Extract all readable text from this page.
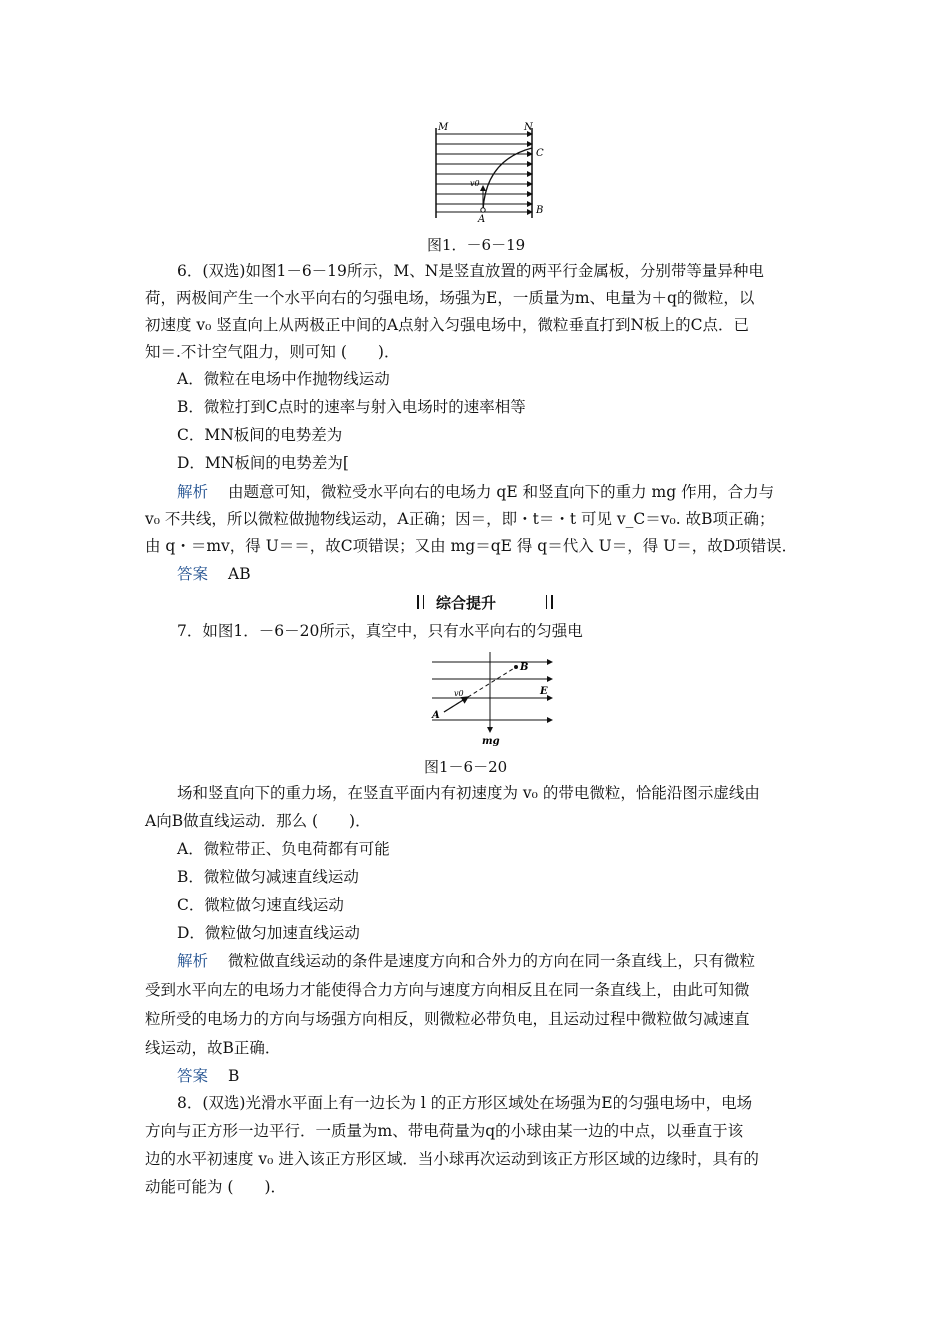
M	N
C
B
A
v0
图1．－6－19
6．(双选)如图1－6－19所示，M、N是竖直放置的两平行金属板，分别带等量异种电
荷，两极间产生一个水平向右的匀强电场，场强为E，一质量为m、电量为＋q的微粒，以
初速度 v₀ 竖直向上从两极正中间的A点射入匀强电场中，微粒垂直打到N板上的C点．已
知＝.不计空气阻力，则可知 (　　)．
A．微粒在电场中作抛物线运动
B．微粒打到C点时的速率与射入电场时的速率相等
C．MN板间的电势差为
D．MN板间的电势差为[
解析 由题意可知，微粒受水平向右的电场力 qE 和竖直向下的重力 mg 作用，合力与
v₀ 不共线，所以微粒做抛物线运动，A正确；因＝，即・t＝・t 可见 v_C＝v₀. 故B项正确；
由 q・＝mv，得 U＝＝，故C项错误；又由 mg＝qE 得 q＝代入 U＝，得 U＝，故D项错误．
答案 AB
综合提升
7．如图1．－6－20所示，真空中，只有水平向右的匀强电
B
E
v0
A
mg
图1－6－20
场和竖直向下的重力场，在竖直平面内有初速度为 v₀ 的带电微粒，恰能沿图示虚线由
A向B做直线运动．那么 (　　)．
A．微粒带正、负电荷都有可能
B．微粒做匀减速直线运动
C．微粒做匀速直线运动
D．微粒做匀加速直线运动
解析 微粒做直线运动的条件是速度方向和合外力的方向在同一条直线上，只有微粒
受到水平向左的电场力才能使得合力方向与速度方向相反且在同一条直线上，由此可知微
粒所受的电场力的方向与场强方向相反，则微粒必带负电，且运动过程中微粒做匀减速直
线运动，故B正确．
答案 B
8．(双选)光滑水平面上有一边长为 l 的正方形区域处在场强为E的匀强电场中，电场
方向与正方形一边平行．一质量为m、带电荷量为q的小球由某一边的中点，以垂直于该
边的水平初速度 v₀ 进入该正方形区域．当小球再次运动到该正方形区域的边缘时，具有的
动能可能为 (　　)．
